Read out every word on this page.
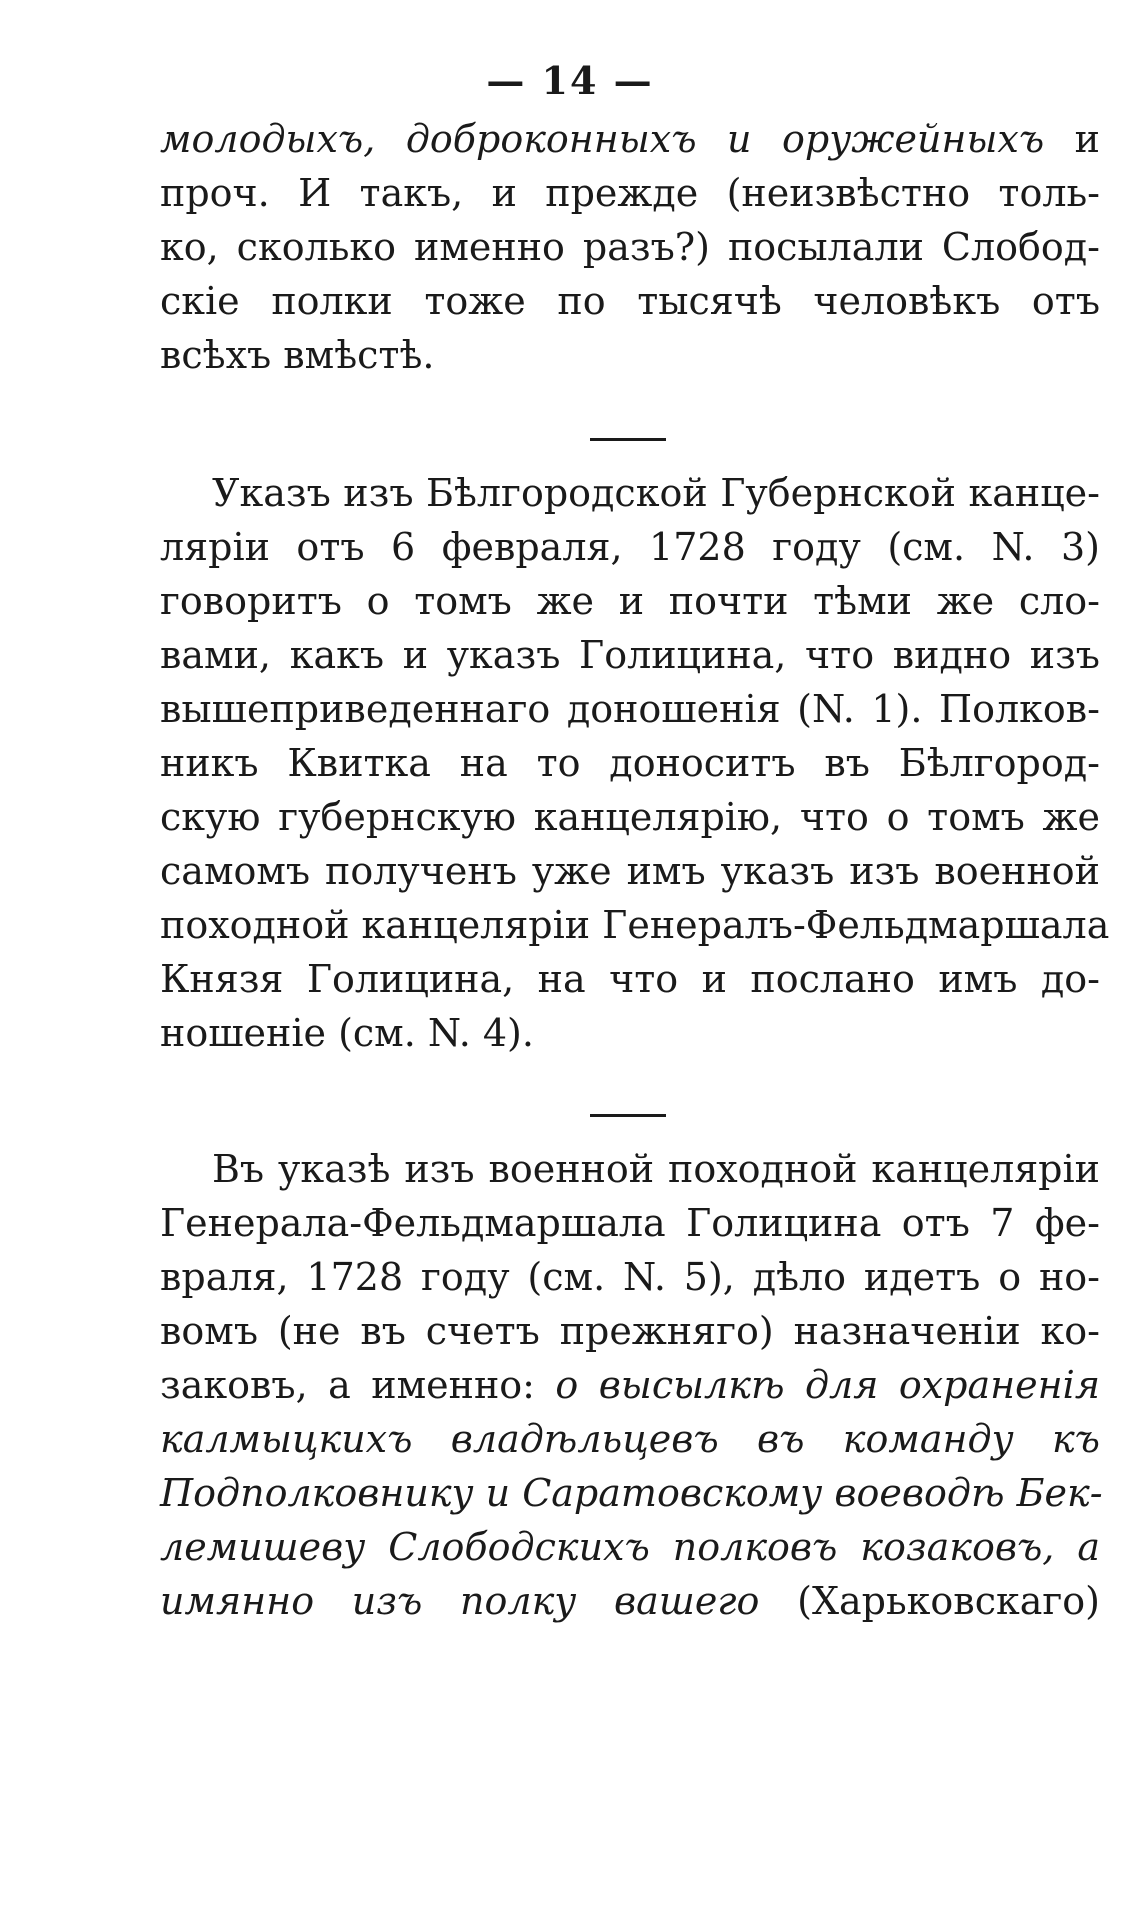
— 14 —
молодыхъ, доброконныхъ и оружейныхъ и
проч. И такъ, и прежде (неизвѣстно толь-
ко, сколько именно разъ?) посылали Слобод-
скіе полки тоже по тысячѣ человѣкъ отъ
всѣхъ вмѣстѣ.
Указъ изъ Бѣлгородской Губернской канце-
ляріи отъ 6 февраля, 1728 году (см. N. 3)
говоритъ о томъ же и почти тѣми же сло-
вами, какъ и указъ Голицина, что видно изъ
вышеприведеннаго доношенія (N. 1). Полков-
никъ Квитка на то доноситъ въ Бѣлгород-
скую губернскую канцелярію, что о томъ же
самомъ полученъ уже имъ указъ изъ военной
походной канцеляріи Генералъ-Фельдмаршала
Князя Голицина, на что и послано имъ до-
ношеніе (см. N. 4).
Въ указѣ изъ военной походной канцеляріи
Генерала-Фельдмаршала Голицина отъ 7 фе-
враля, 1728 году (см. N. 5), дѣло идетъ о но-
вомъ (не въ счетъ прежняго) назначеніи ко-
заковъ, а именно: о высылкѣ для охраненія
калмыцкихъ владѣльцевъ въ команду къ
Подполковнику и Саратовскому воеводѣ Бек-
лемишеву Слободскихъ полковъ козаковъ, а
имянно изъ полку вашего (Харьковскаго)
